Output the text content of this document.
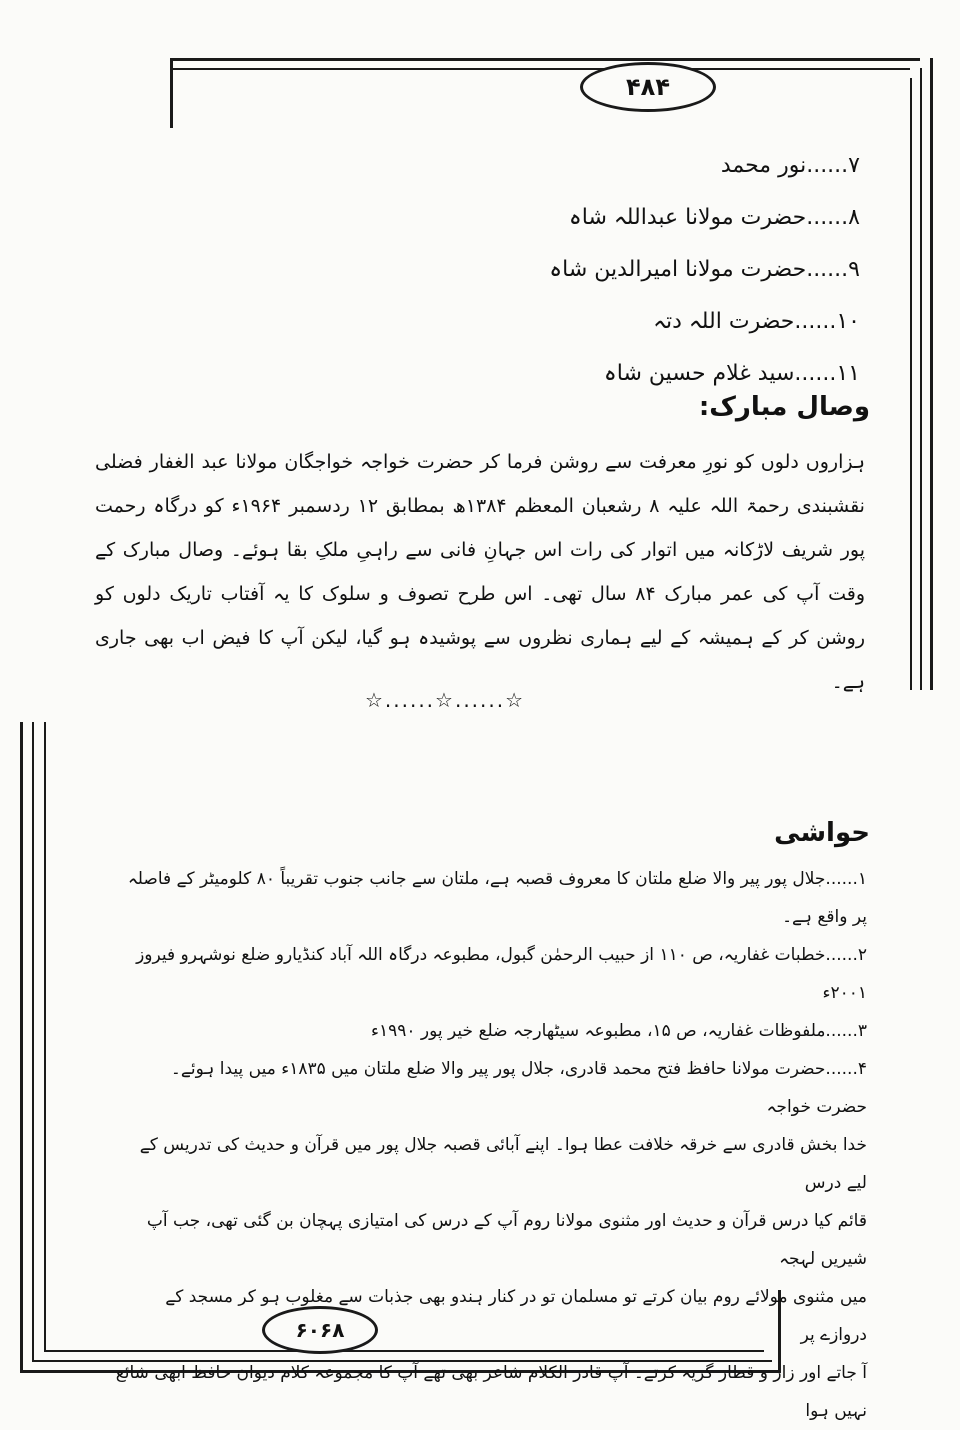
۴۸۴
۷......نور محمد
۸......حضرت مولانا عبداللہ شاہ
۹......حضرت مولانا امیرالدین شاہ
۱۰......حضرت اللہ دتہ
۱۱......سید غلام حسین شاہ
وصال مبارک:
ہزاروں دلوں کو نورِ معرفت سے روشن فرما کر حضرت خواجہ خواجگان مولانا عبد الغفار فضلی نقشبندی رحمۃ اللہ علیہ ۸ رشعبان المعظم ۱۳۸۴ھ بمطابق ۱۲ ردسمبر ۱۹۶۴ء کو درگاہ رحمت پور شریف لاڑکانہ میں اتوار کی رات اس جہانِ فانی سے راہیِ ملکِ بقا ہوئے۔ وصال مبارک کے وقت آپ کی عمر مبارک ۸۴ سال تھی۔ اس طرح تصوف و سلوک کا یہ آفتاب تاریک دلوں کو روشن کر کے ہمیشہ کے لیے ہماری نظروں سے پوشیدہ ہو گیا، لیکن آپ کا فیض اب بھی جاری ہے۔
☆......☆......☆
۶۰۶۸
حواشی
۱......جلال پور پیر والا ضلع ملتان کا معروف قصبہ ہے، ملتان سے جانب جنوب تقریباً ۸۰ کلومیٹر کے فاصلہ پر واقع ہے۔
۲......خطبات غفاریہ، ص ۱۱۰ از حبیب الرحمٰن گبول، مطبوعہ درگاہ اللہ آباد کنڈیارو ضلع نوشہرو فیروز ۲۰۰۱ء
۳......ملفوظات غفاریہ، ص ۱۵، مطبوعہ سیٹھارجہ ضلع خیر پور ۱۹۹۰ء
۴......حضرت مولانا حافظ فتح محمد قادری، جلال پور پیر والا ضلع ملتان میں ۱۸۳۵ء میں پیدا ہوئے۔ حضرت خواجہ
خدا بخش قادری سے خرقہ خلافت عطا ہوا۔ اپنے آبائی قصبہ جلال پور میں قرآن و حدیث کی تدریس کے لیے درس
قائم کیا درس قرآن و حدیث اور مثنوی مولانا روم آپ کے درس کی امتیازی پہچان بن گئی تھی، جب آپ شیریں لہجہ
میں مثنوی مولائے روم بیان کرتے تو مسلمان تو در کنار ہندو بھی جذبات سے مغلوب ہو کر مسجد کے دروازے پر
آ جاتے اور زار و قطار گریہ کرتے۔ آپ قادر الکلام شاعر بھی تھے آپ کا مجموعہ کلام دیوان حافظ ابھی شائع نہیں ہوا
